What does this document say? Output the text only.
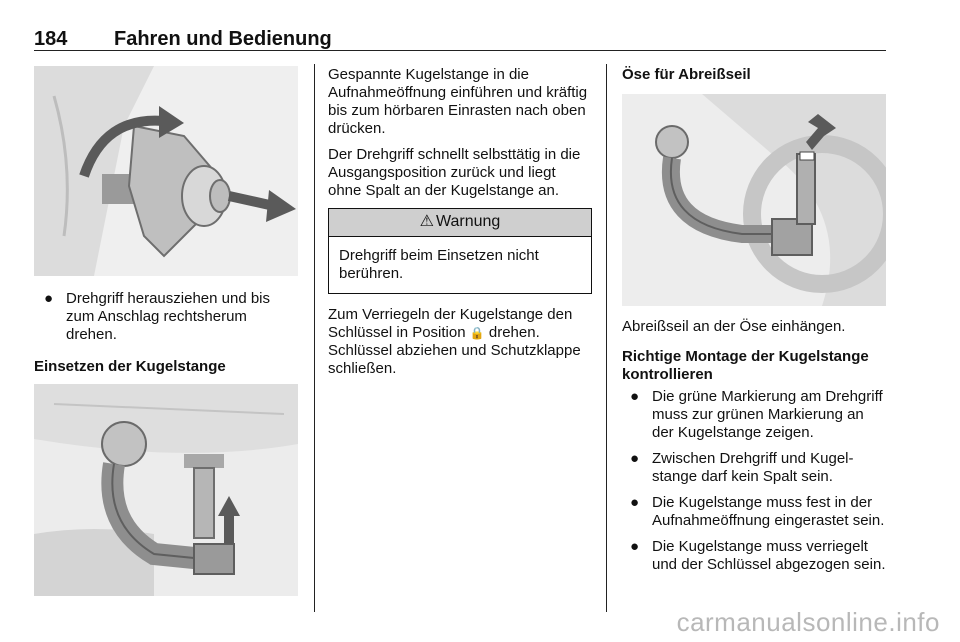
184 Fahren und Bedienung
● Drehgriff herausziehen und bis zum Anschlag rechtsherum drehen.

Einsetzen der Kugelstange

Gespannte Kugelstange in die Aufnahmeöffnung einführen und kräftig bis zum hörbaren Einrasten nach oben drücken.

Der Drehgriff schnellt selbsttätig in die Ausgangsposition zurück und liegt ohne Spalt an der Kugelstange an.

⚠ Warnung
Drehgriff beim Einsetzen nicht berühren.

Zum Verriegeln der Kugelstange den Schlüssel in Position 🔒 drehen.
Schlüssel abziehen und Schutzklappe schließen.

Öse für Abreißseil

Abreißseil an der Öse einhängen.

Richtige Montage der Kugelstange kontrollieren

● Die grüne Markierung am Drehgriff muss zur grünen Markierung an der Kugelstange zeigen.
● Zwischen Drehgriff und Kugelstange darf kein Spalt sein.
● Die Kugelstange muss fest in der Aufnahmeöffnung eingerastet sein.
● Die Kugelstange muss verriegelt und der Schlüssel abgezogen sein.
carmanualsonline.info
